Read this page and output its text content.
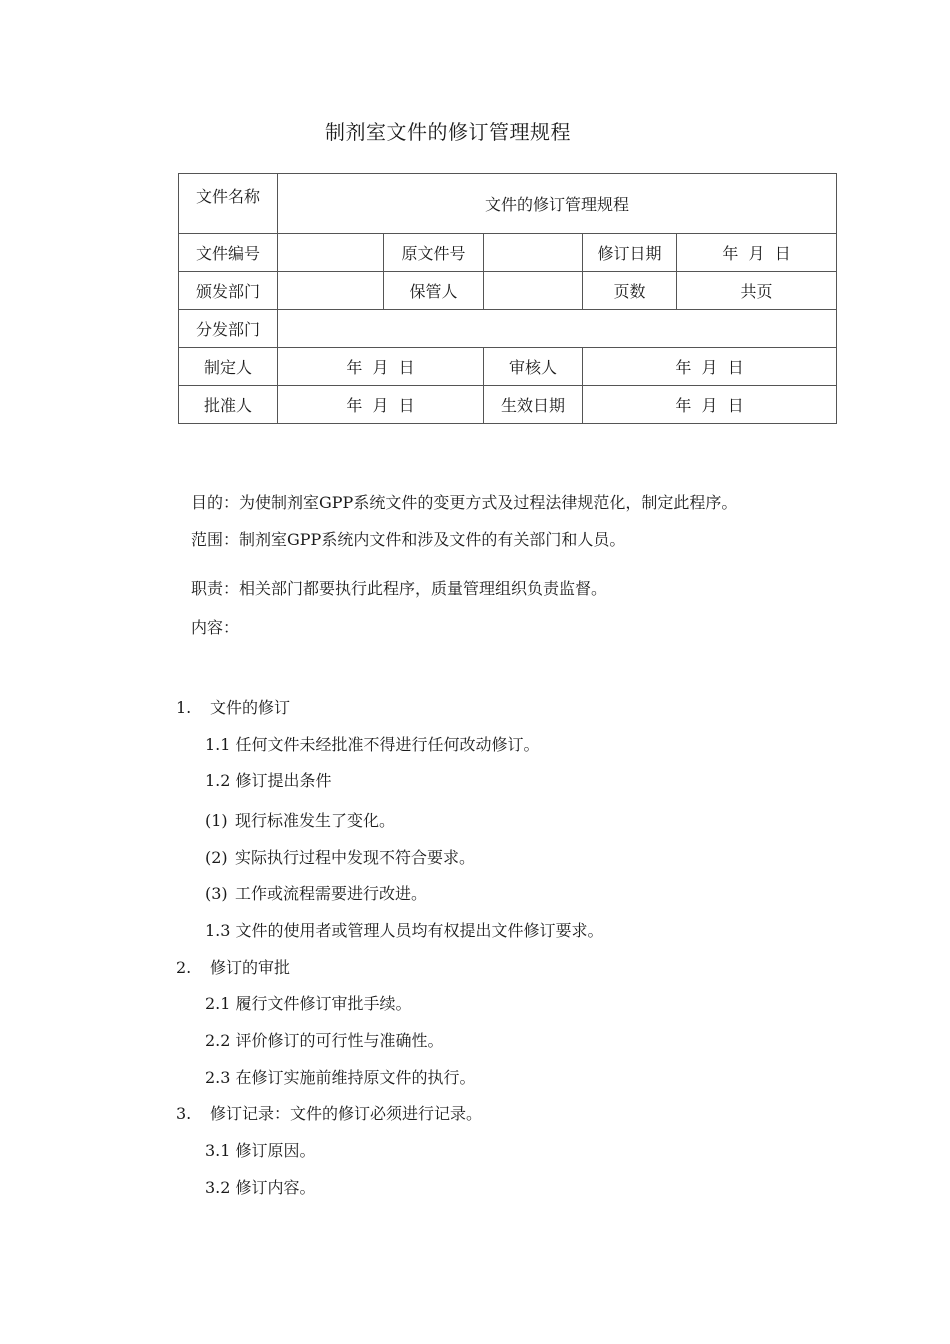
制剂室文件的修订管理规程
文件名称	文件的修订管理规程				
文件编号		原文件号		修订日期	年  月  日
颁发部门		保管人		页数	共页
分发部门					
制定人	年  月  日		审核人	年  月  日	
批准人	年  月  日		生效日期	年  月  日	
目的：为使制剂室GPP系统文件的变更方式及过程法律规范化，制定此程序。
范围：制剂室GPP系统内文件和涉及文件的有关部门和人员。
职责：相关部门都要执行此程序，质量管理组织负责监督。
内容：
1. 文件的修订
1.1 任何文件未经批准不得进行任何改动修订。
1.2 修订提出条件
(1) 现行标准发生了变化。
(2) 实际执行过程中发现不符合要求。
(3) 工作或流程需要进行改进。
1.3 文件的使用者或管理人员均有权提出文件修订要求。
2. 修订的审批
2.1 履行文件修订审批手续。
2.2 评价修订的可行性与准确性。
2.3 在修订实施前维持原文件的执行。
3. 修订记录：文件的修订必须进行记录。
3.1 修订原因。
3.2 修订内容。
